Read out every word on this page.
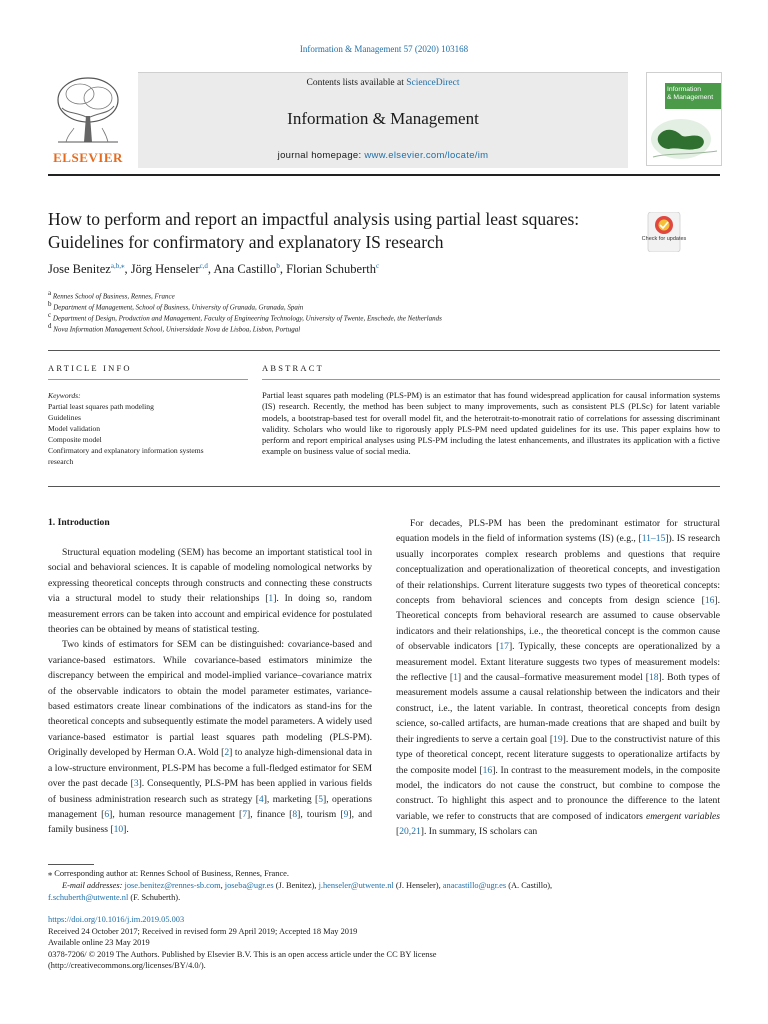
Information & Management 57 (2020) 103168
ELSEVIER
Contents lists available at ScienceDirect
Information & Management
journal homepage: www.elsevier.com/locate/im
Information
& Management
How to perform and report an impactful analysis using partial least squares:
Guidelines for confirmatory and explanatory IS research	Check for updates
Jose Benitez$^{a,b,⁎}$, Jörg Henseler$^{c,d}$, Ana Castillo$^b$, Florian Schuberth$^c$
$^a$ Rennes School of Business, Rennes, France
$^b$ Department of Management, School of Business, University of Granada, Granada, Spain
$^c$ Department of Design, Production and Management, Faculty of Engineering Technology, University of Twente, Enschede, the Netherlands
$^d$ Nova Information Management School, Universidade Nova de Lisboa, Lisbon, Portugal
ARTICLE INFO	ABSTRACT
Keywords:
Partial least squares path modeling
Guidelines
Model validation
Composite model
Confirmatory and explanatory information systems research
Partial least squares path modeling (PLS-PM) is an estimator that has found widespread application for causal information systems (IS) research. Recently, the method has been subject to many improvements, such as consistent PLS (PLSc) for latent variable models, a bootstrap-based test for overall model fit, and the heterotrait-to-monotrait ratio of correlations for assessing discriminant validity. Scholars who would like to rigorously apply PLS-PM need updated guidelines for its use. This paper explains how to perform and report empirical analyses using PLS-PM including the latest enhancements, and illustrates its application with a fictive example on business value of social media.
1. Introduction

Structural equation modeling (SEM) has become an important statistical tool in social and behavioral sciences. It is capable of modeling nomological networks by expressing theoretical concepts through constructs and connecting these constructs via a structural model to study their relationships [1]. In doing so, random measurement errors can be taken into account and empirical evidence for postulated theories can be obtained by means of statistical testing.

Two kinds of estimators for SEM can be distinguished: covariance-based and variance-based estimators. While covariance-based estimators minimize the discrepancy between the empirical and model-implied variance–covariance matrix of the observable indicators to obtain the model parameter estimates, variance-based estimators create linear combinations of the indicators as stand-ins for the theoretical concepts and subsequently estimate the model parameters. A widely used variance-based estimator is partial least squares path modeling (PLS-PM). Originally developed by Herman O.A. Wold [2] to analyze high-dimensional data in a low-structure environment, PLS-PM has become a full-fledged estimator for SEM over the past decade [3]. Consequently, PLS-PM has been applied in various fields of business administration research such as strategy [4], marketing [5], operations management [6], human resource management [7], finance [8], tourism [9], and family business [10].

For decades, PLS-PM has been the predominant estimator for structural equation models in the field of information systems (IS) (e.g., [11–15]). IS research usually incorporates complex research problems and questions that require conceptualization and operationalization of theoretical concepts, and investigation of their relationships. Current literature suggests two types of theoretical concepts: concepts from behavioral sciences and concepts from design science [16]. Theoretical concepts from behavioral research are assumed to cause observable indicators and their relationships, i.e., the theoretical concept is the common cause of observable indicators [17]. Typically, these concepts are operationalized by a measurement model. Extant literature suggests two types of measurement models: the reflective [1] and the causal–formative measurement model [18]. Both types of measurement models assume a causal relationship between the indicators and their construct, i.e., the latent variable. In contrast, theoretical concepts from design science, so-called artifacts, are human-made creations that are shaped and built by their ingredients to serve a certain goal [19]. Due to the constructivist nature of this type of theoretical concept, recent literature suggests to operationalize artifacts by the composite model [16]. In contrast to the measurement models, in the composite model, the indicators do not cause the construct, but combine to compose the construct. To highlight this aspect and to pronounce the difference to the latent variable, we refer to constructs that are composed of indicators emergent variables [20,21]. In summary, IS scholars can

⁎ Corresponding author at: Rennes School of Business, Rennes, France.
E-mail addresses: jose.benitez@rennes-sb.com, joseba@ugr.es (J. Benitez), j.henseler@utwente.nl (J. Henseler), anacastillo@ugr.es (A. Castillo),
f.schuberth@utwente.nl (F. Schuberth).
https://doi.org/10.1016/j.im.2019.05.003
Received 24 October 2017; Received in revised form 29 April 2019; Accepted 18 May 2019
Available online 23 May 2019
0378-7206/ © 2019 The Authors. Published by Elsevier B.V. This is an open access article under the CC BY license
(http://creativecommons.org/licenses/BY/4.0/).
